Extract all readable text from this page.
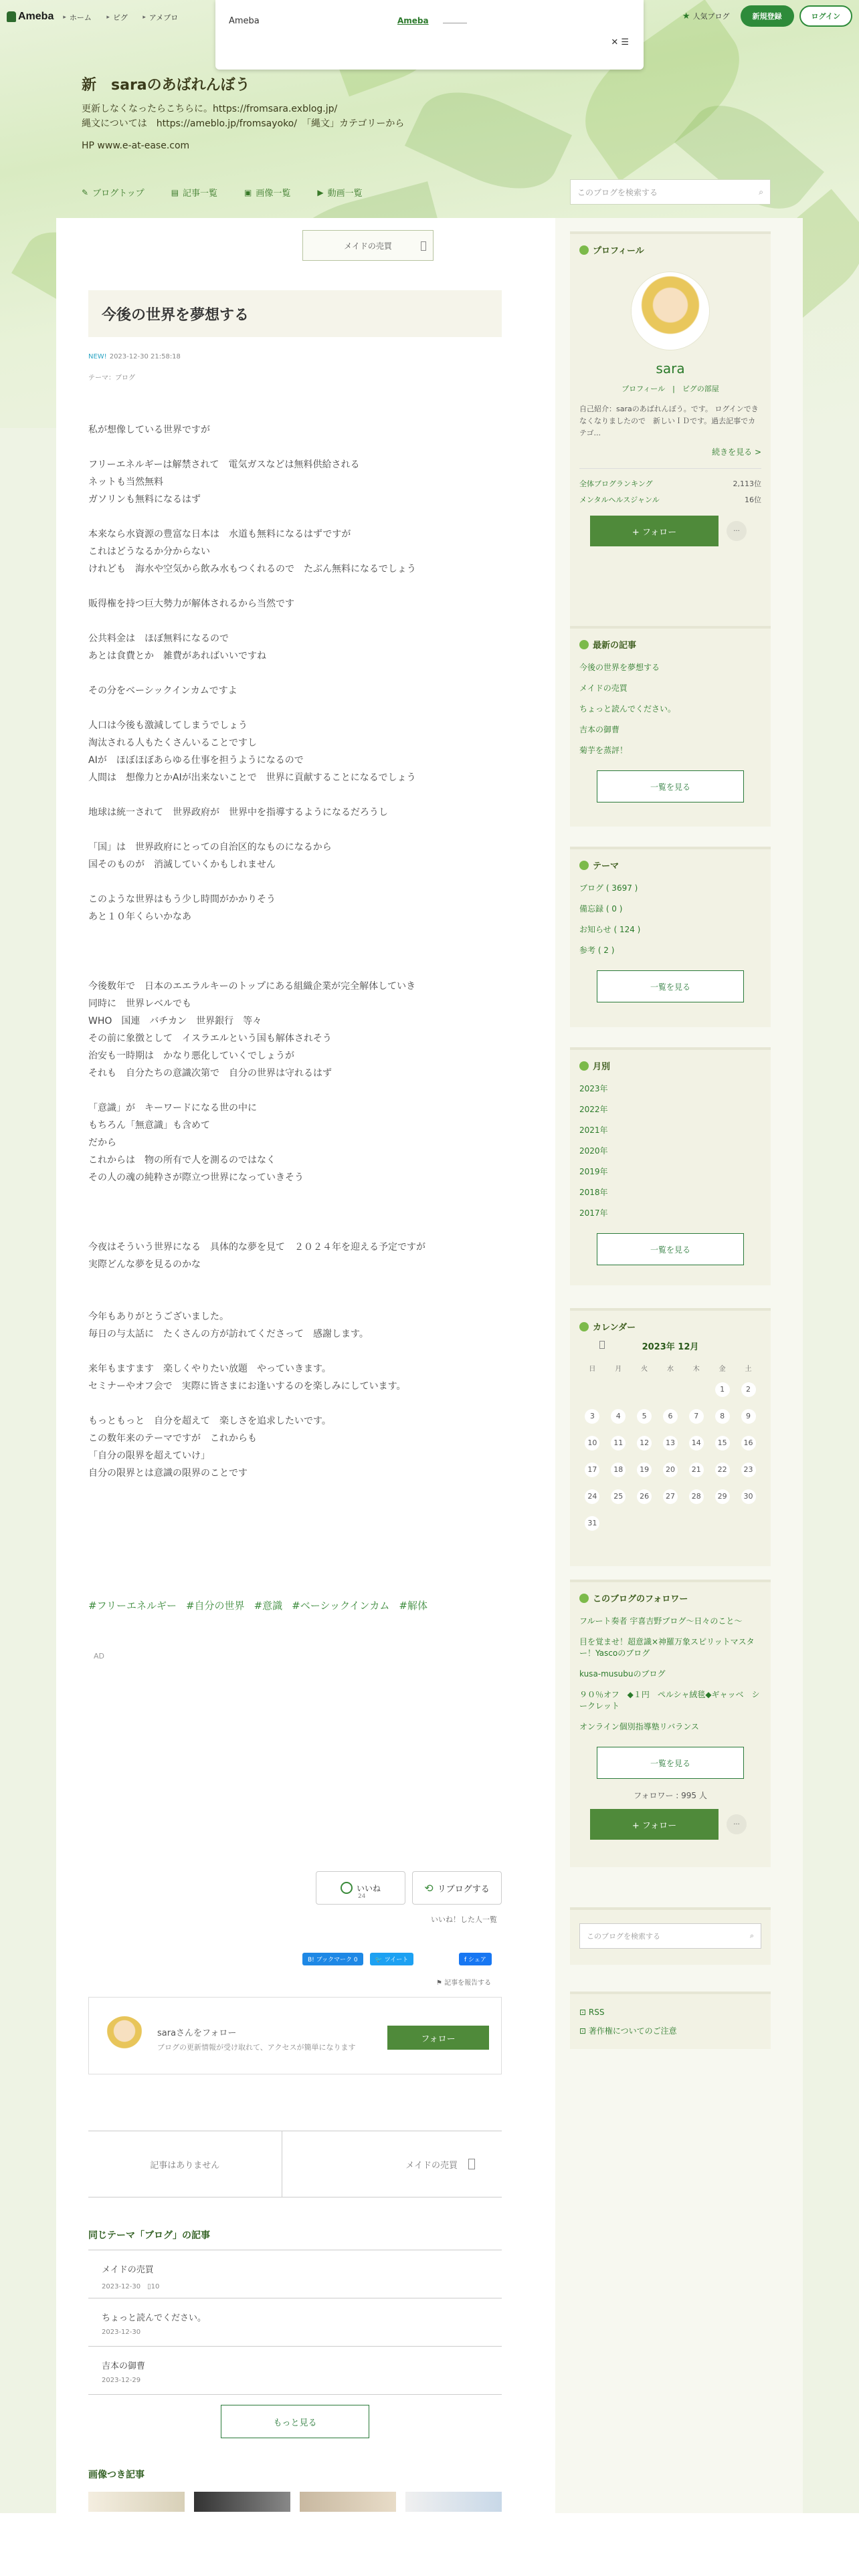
Ameba	▸ ホーム	▸ ピグ	▸ アメブロ	★ 人気ブログ	新規登録	ログイン
Ameba	Ameba
✕ ☰
新　saraのあばれんぼう
更新しなくなったらこちらに。https://fromsara.exblog.jp/
縄文については　https://ameblo.jp/fromsayoko/　「縄文」カテゴリーから
HP www.e-at-ease.com
✎ ブログトップ	▤ 記事一覧	▣ 画像一覧	▶ 動画一覧	このブログを検索する	⌕
メイドの売買
今後の世界を夢想する
NEW! 2023-12-30 21:58:18
テーマ：ブログ

私が想像している世界ですが

フリーエネルギーは解禁されて　電気ガスなどは無料供給される

ネットも当然無料

ガソリンも無料になるはず

本来なら水資源の豊富な日本は　水道も無料になるはずですが

これはどうなるか分からない

けれども　海水や空気から飲み水もつくれるので　たぶん無料になるでしょう

販得権を持つ巨大勢力が解体されるから当然です

公共料金は　ほぼ無料になるので

あとは食費とか　雑費があればいいですね

その分をベーシックインカムですよ

人口は今後も激減してしまうでしょう

淘汰される人もたくさんいることですし

AIが　ほぼほぼあらゆる仕事を担うようになるので

人間は　想像力とかAIが出来ないことで　世界に貢献することになるでしょう

地球は統一されて　世界政府が　世界中を指導するようになるだろうし

「国」は　世界政府にとっての自治区的なものになるから

国そのものが　消滅していくかもしれません

このような世界はもう少し時間がかかりそう

あと１０年くらいかなあ

今後数年で　日本のエエラルキーのトップにある組織企業が完全解体していき

同時に　世界レベルでも

WHO　国連　バチカン　世界銀行　等々

その前に象徴として　イスラエルという国も解体されそう

治安も一時期は　かなり悪化していくでしょうが

それも　自分たちの意識次第で　自分の世界は守れるはず

「意識」が　キーワードになる世の中に

もちろん「無意識」も含めて

だから

これからは　物の所有で人を測るのではなく

その人の魂の純粋さが際立つ世界になっていきそう

今夜はそういう世界になる　具体的な夢を見て　２０２４年を迎える予定ですが

実際どんな夢を見るのかな

今年もありがとうございました。

毎日の与太話に　たくさんの方が訪れてくださって　感謝します。

来年もますます　楽しくやりたい放題　やっていきます。

セミナーやオフ会で　実際に皆さまにお逢いするのを楽しみにしています。

もっともっと　自分を超えて　楽しさを追求したいです。

この数年来のテーマですが　これからも

「自分の限界を超えていけ」

自分の限界とは意識の限界のことです

#フリーエネルギー #自分の世界 #意識 #ベーシックインカム #解体
AD
いいね
24
⟲ リブログする
いいね！した人一覧
B! ブックマーク 0	🐦 ツイート	f シェア
⚑ 記事を報告する
saraさんをフォロー
ブログの更新情報が受け取れて、アクセスが簡単になります
フォロー
記事はありません	メイドの売買
同じテーマ「ブログ」の記事
メイドの売買
2023-12-30　 ▯10
ちょっと読んでください。
2023-12-30
吉本の御曹
2023-12-29
もっと見る
画像つき記事
プロフィール
sara
プロフィール　|　ピグの部屋
自己紹介：saraのあばれんぼう。です。 ログインできなくなりましたので　新しいＩＤです。過去記事でカテゴ...
続きを見る >
全体ブログランキング	2,113位
メンタルヘルスジャンル	16位
+ フォロー	···
最新の記事
今後の世界を夢想する
メイドの売買
ちょっと読んでください。
吉本の御曹
菊芋を蒸評！
一覧を見る
テーマ
ブログ ( 3697 )
備忘録 ( 0 )
お知らせ ( 124 )
参考 ( 2 )
一覧を見る
月別
2023年
2022年
2021年
2020年
2019年
2018年
2017年
一覧を見る
カレンダー
2023年 12月
日	月	火	水	木	金	土
					1	2
3	4	5	6	7	8	9
10	11	12	13	14	15	16
17	18	19	20	21	22	23
24	25	26	27	28	29	30
31						
このブログのフォロワー
フルート奏者 宇喜吉野ブログ〜日々のこと〜
目を覚ませ！超意識×神羅万象スピリットマスター！Yascoのブログ
kusa-musubuのブログ
９０％オフ　◆１円　ペルシャ絨毯◆ギャッベ　シークレット
オンライン個別指導塾リバランス
一覧を見る
フォロワー : 995 人
+ フォロー	···
このブログを検索する	⌕
⊡ RSS
⊡ 著作権についてのご注意
